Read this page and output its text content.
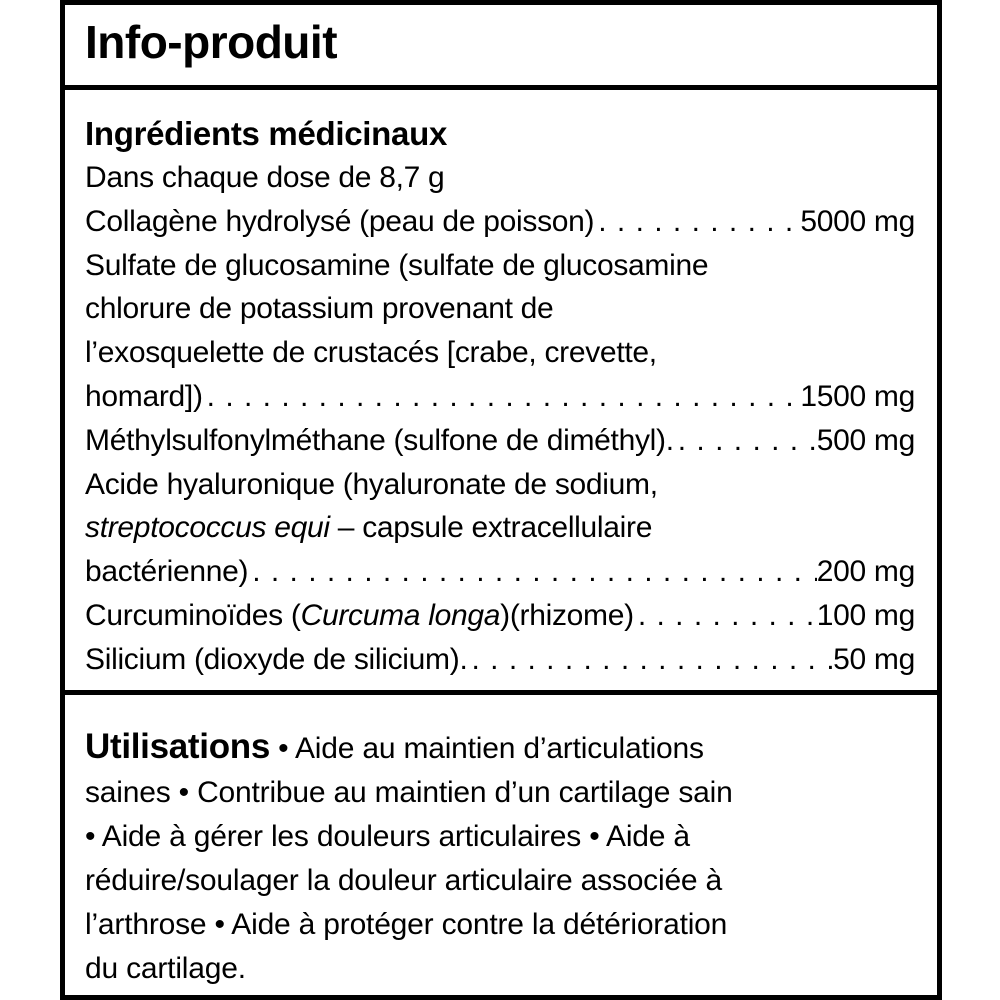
Info-produit
Ingrédients médicinaux
Dans chaque dose de 8,7 g
Collagène hydrolysé (peau de poisson) . . .	5000 mg
Sulfate de glucosamine (sulfate de glucosamine
chlorure de potassium provenant de
l’exosquelette de crustacés [crabe, crevette,
homard]) . . .	1500 mg
Méthylsulfonylméthane (sulfone de diméthyl). . . .	500 mg
Acide hyaluronique (hyaluronate de sodium,
streptococcus equi – capsule extracellulaire
bactérienne) . . .	200 mg
Curcuminoïdes (Curcuma longa)(rhizome) . . .	100 mg
Silicium (dioxyde de silicium). . . .	50 mg
Utilisations • Aide au maintien d’articulations
saines • Contribue au maintien d’un cartilage sain
• Aide à gérer les douleurs articulaires • Aide à
réduire/soulager la douleur articulaire associée à
l’arthrose • Aide à protéger contre la détérioration
du cartilage.
